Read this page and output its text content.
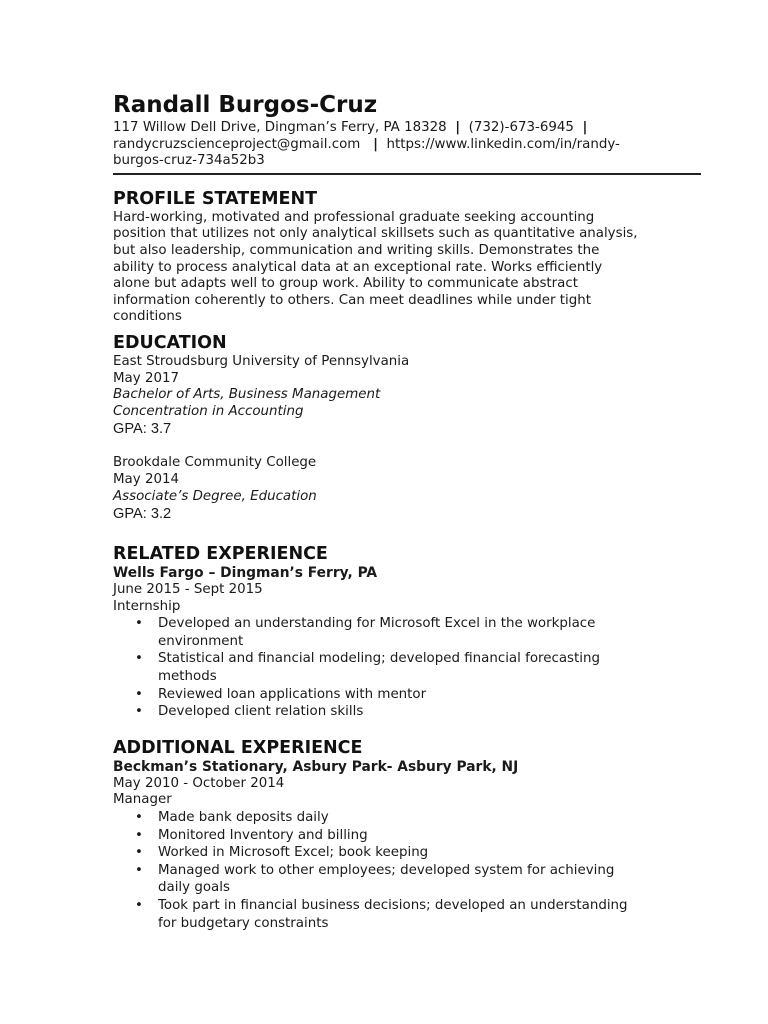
Randall Burgos-Cruz
117 Willow Dell Drive, Dingman’s Ferry, PA 18328 | (732)-673-6945 |
randycruzscienceproject@gmail.com | https://www.linkedin.com/in/randy-
burgos-cruz-734a52b3
PROFILE STATEMENT

Hard-working, motivated and professional graduate seeking accounting

position that utilizes not only analytical skillsets such as quantitative analysis,

but also leadership, communication and writing skills. Demonstrates the

ability to process analytical data at an exceptional rate. Works efficiently

alone but adapts well to group work. Ability to communicate abstract

information coherently to others. Can meet deadlines while under tight

conditions

EDUCATION

East Stroudsburg University of Pennsylvania

May 2017

Bachelor of Arts, Business Management

Concentration in Accounting

GPA: 3.7

Brookdale Community College

May 2014

Associate’s Degree, Education

GPA: 3.2

RELATED EXPERIENCE

Wells Fargo – Dingman’s Ferry, PA

June 2015 - Sept 2015

Internship

• Developed an understanding for Microsoft Excel in the workplace
environment
• Statistical and financial modeling; developed financial forecasting
methods
• Reviewed loan applications with mentor
• Developed client relation skills
ADDITIONAL EXPERIENCE

Beckman’s Stationary, Asbury Park- Asbury Park, NJ

May 2010 - October 2014

Manager

• Made bank deposits daily
• Monitored Inventory and billing
• Worked in Microsoft Excel; book keeping
• Managed work to other employees; developed system for achieving
daily goals
• Took part in financial business decisions; developed an understanding
for budgetary constraints
